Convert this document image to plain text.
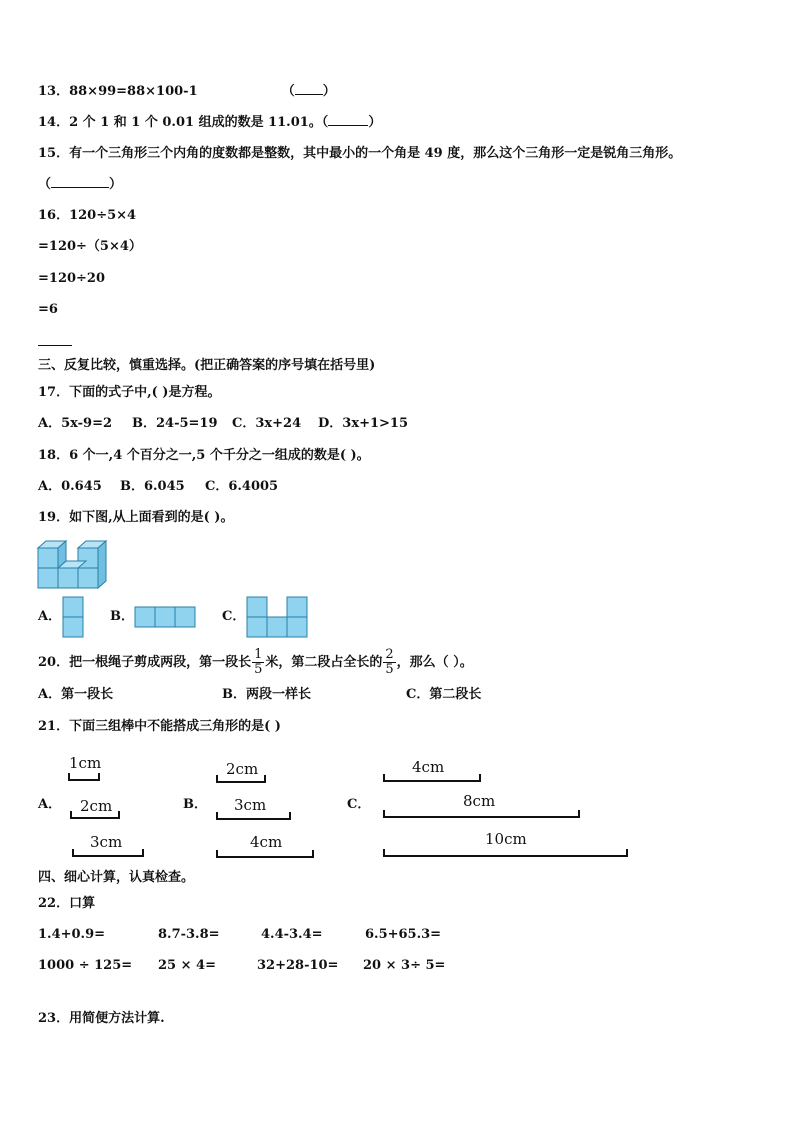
13．88×99=88×100-1	（ ）
14．2 个 1 和 1 个 0.01 组成的数是 11.01。（	）
15．有一个三角形三个内角的度数都是整数，其中最小的一个角是 49 度，那么这个三角形一定是锐角三角形。
（	）
16．120÷5×4
=120÷（5×4）
=120÷20
=6
三、反复比较，慎重选择。(把正确答案的序号填在括号里)
17．下面的式子中,( )是方程。
A．5x-9=2 B．24-5=19 C．3x+24 D．3x+1>15
18．6 个一,4 个百分之一,5 个千分之一组成的数是( )。
A．0.645 B．6.045 C．6.4005
19．如下图,从上面看到的是( )。
A．	B．	C．
20．把一根绳子剪成两段，第一段长 $\frac{1}{5}$ 米，第二段占全长的 $\frac{2}{5}$ ，那么（ ）。
A．第一段长	B．两段一样长	C．第二段长
21．下面三组棒中不能搭成三角形的是( )
A．	B．	C．
1cm
2cm
3cm
2cm
3cm
4cm
4cm
8cm
10cm
四、细心计算，认真检查。
22．口算
1.4+0.9=	8.7-3.8=	4.4-3.4=	6.5+65.3=
1000 ÷ 125= 25 × 4=	32+28-10= 20 × 3÷ 5=
23．用简便方法计算.
